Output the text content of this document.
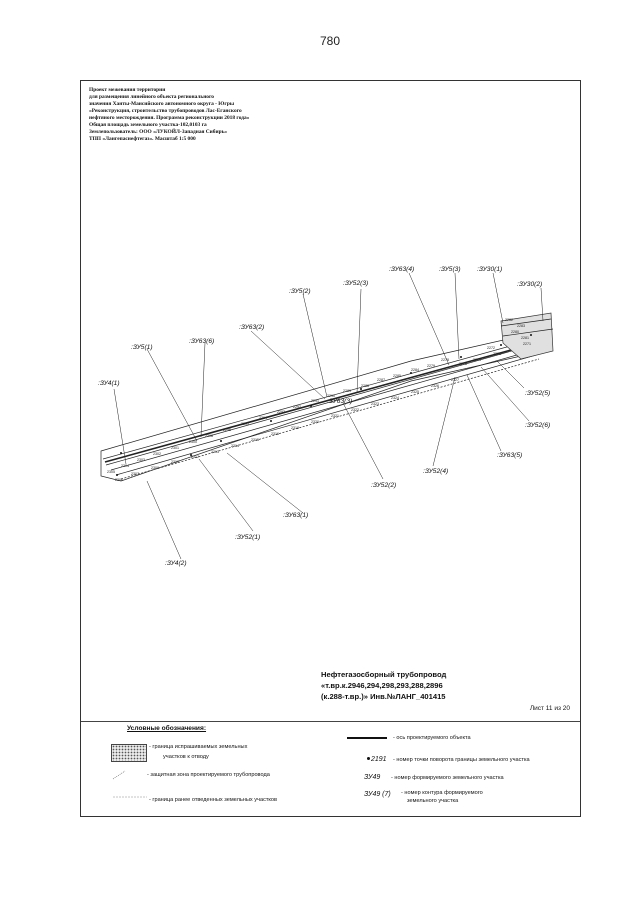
780
Проект межевания территории
для размещения линейного объекта регионального
значения Ханты-Мансийского автономного округа - Югры
«Реконструкция, строительство трубопроводов Лас-Еганского
нефтяного месторождения. Программа реконструкции 2018 года»
Общая площадь земельного участка-102,0103 га
Землепользователь: ООО «ЛУКОЙЛ-Западная Сибирь»
ТПП «Лангепаснефтегаз». Масштаб 1:5 000
2282
2283
2280
2281
2271
2272
2273
2274
2276
2278
2279
2284
2285
2287
2288
2289
2290
2291
2292
2293
2294
2295
2296
2298
2300
2301
2302
2303
2304
2305
2306
2307
2309
2310
2312
2313
2314
2315
2316
2318
2320
2321
2322
2323
2324
2325
2326
2327
:ЗУ4(1)
:ЗУ5(1)
:ЗУ63(6)
:ЗУ63(2)
:ЗУ5(2)
:ЗУ52(3)
:ЗУ63(4)	:ЗУ5(3) :ЗУ30(1)
:ЗУ30(2)
:ЗУ52(5)
:ЗУ52(6)
:ЗУ63(5)
:ЗУ52(4)
:ЗУ52(2)
:ЗУ63(3)
:ЗУ63(1)
:ЗУ52(1)
:ЗУ4(2)
Нефтегазосборный трубопровод
«т.вр.к.2946,294,298,293,288,2896
(к.288-т.вр.)» Инв.№ЛАНГ_401415
Лист 11 из 20
Условные обозначения:
- граница испрашиваемых земельных
участков к отводу
- защитная зона проектируемого трубопровода
- граница ранее отведенных земельных участков
- ось проектируемого объекта
2191 - номер точки поворота границы земельного участка
ЗУ49 - номер формируемого земельного участка
ЗУ49 (7) - номер контура формируемого
земельного участка
